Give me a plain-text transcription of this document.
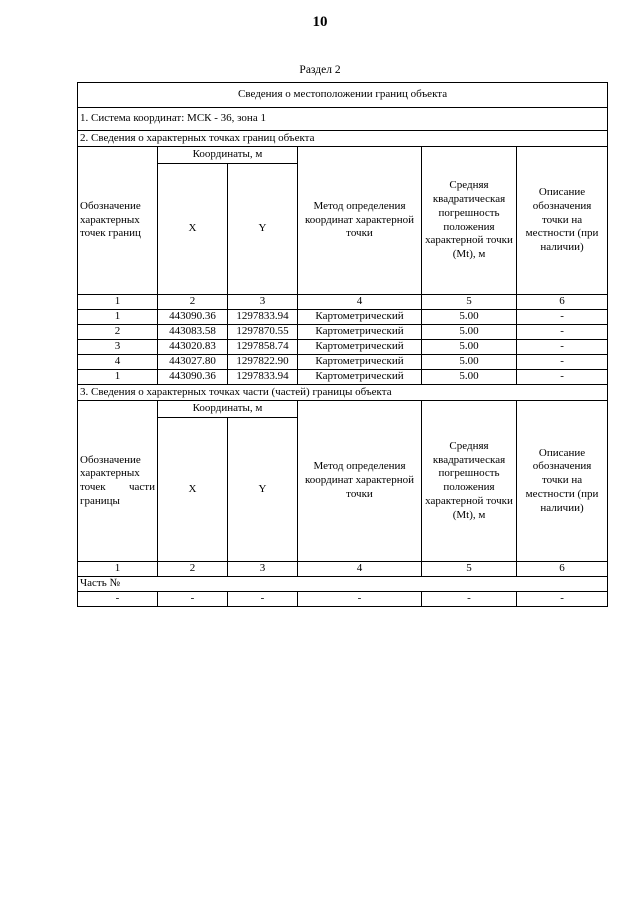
10
Раздел 2
Сведения о местоположении границ объекта					
1. Система координат: МСК - 36, зона 1					
2. Сведения о характерных точках границ объекта					
Обозначение характерных точек границ	Координаты, м		Метод определения координат характерной точки	Средняя квадратическая погрешность положения характерной точки (Mt), м	Описание обозначения точки на местности (при наличии)
	X	Y			
1	2	3	4	5	6
1	443090.36	1297833.94	Картометрический	5.00	-
2	443083.58	1297870.55	Картометрический	5.00	-
3	443020.83	1297858.74	Картометрический	5.00	-
4	443027.80	1297822.90	Картометрический	5.00	-
1	443090.36	1297833.94	Картометрический	5.00	-
3. Сведения о характерных точках части (частей) границы объекта					
Обозначение характерных точек части границы	Координаты, м		Метод определения координат характерной точки	Средняя квадратическая погрешность положения характерной точки (Mt), м	Описание обозначения точки на местности (при наличии)
	X	Y			
1	2	3	4	5	6
Часть №					
-	-	-	-	-	-
